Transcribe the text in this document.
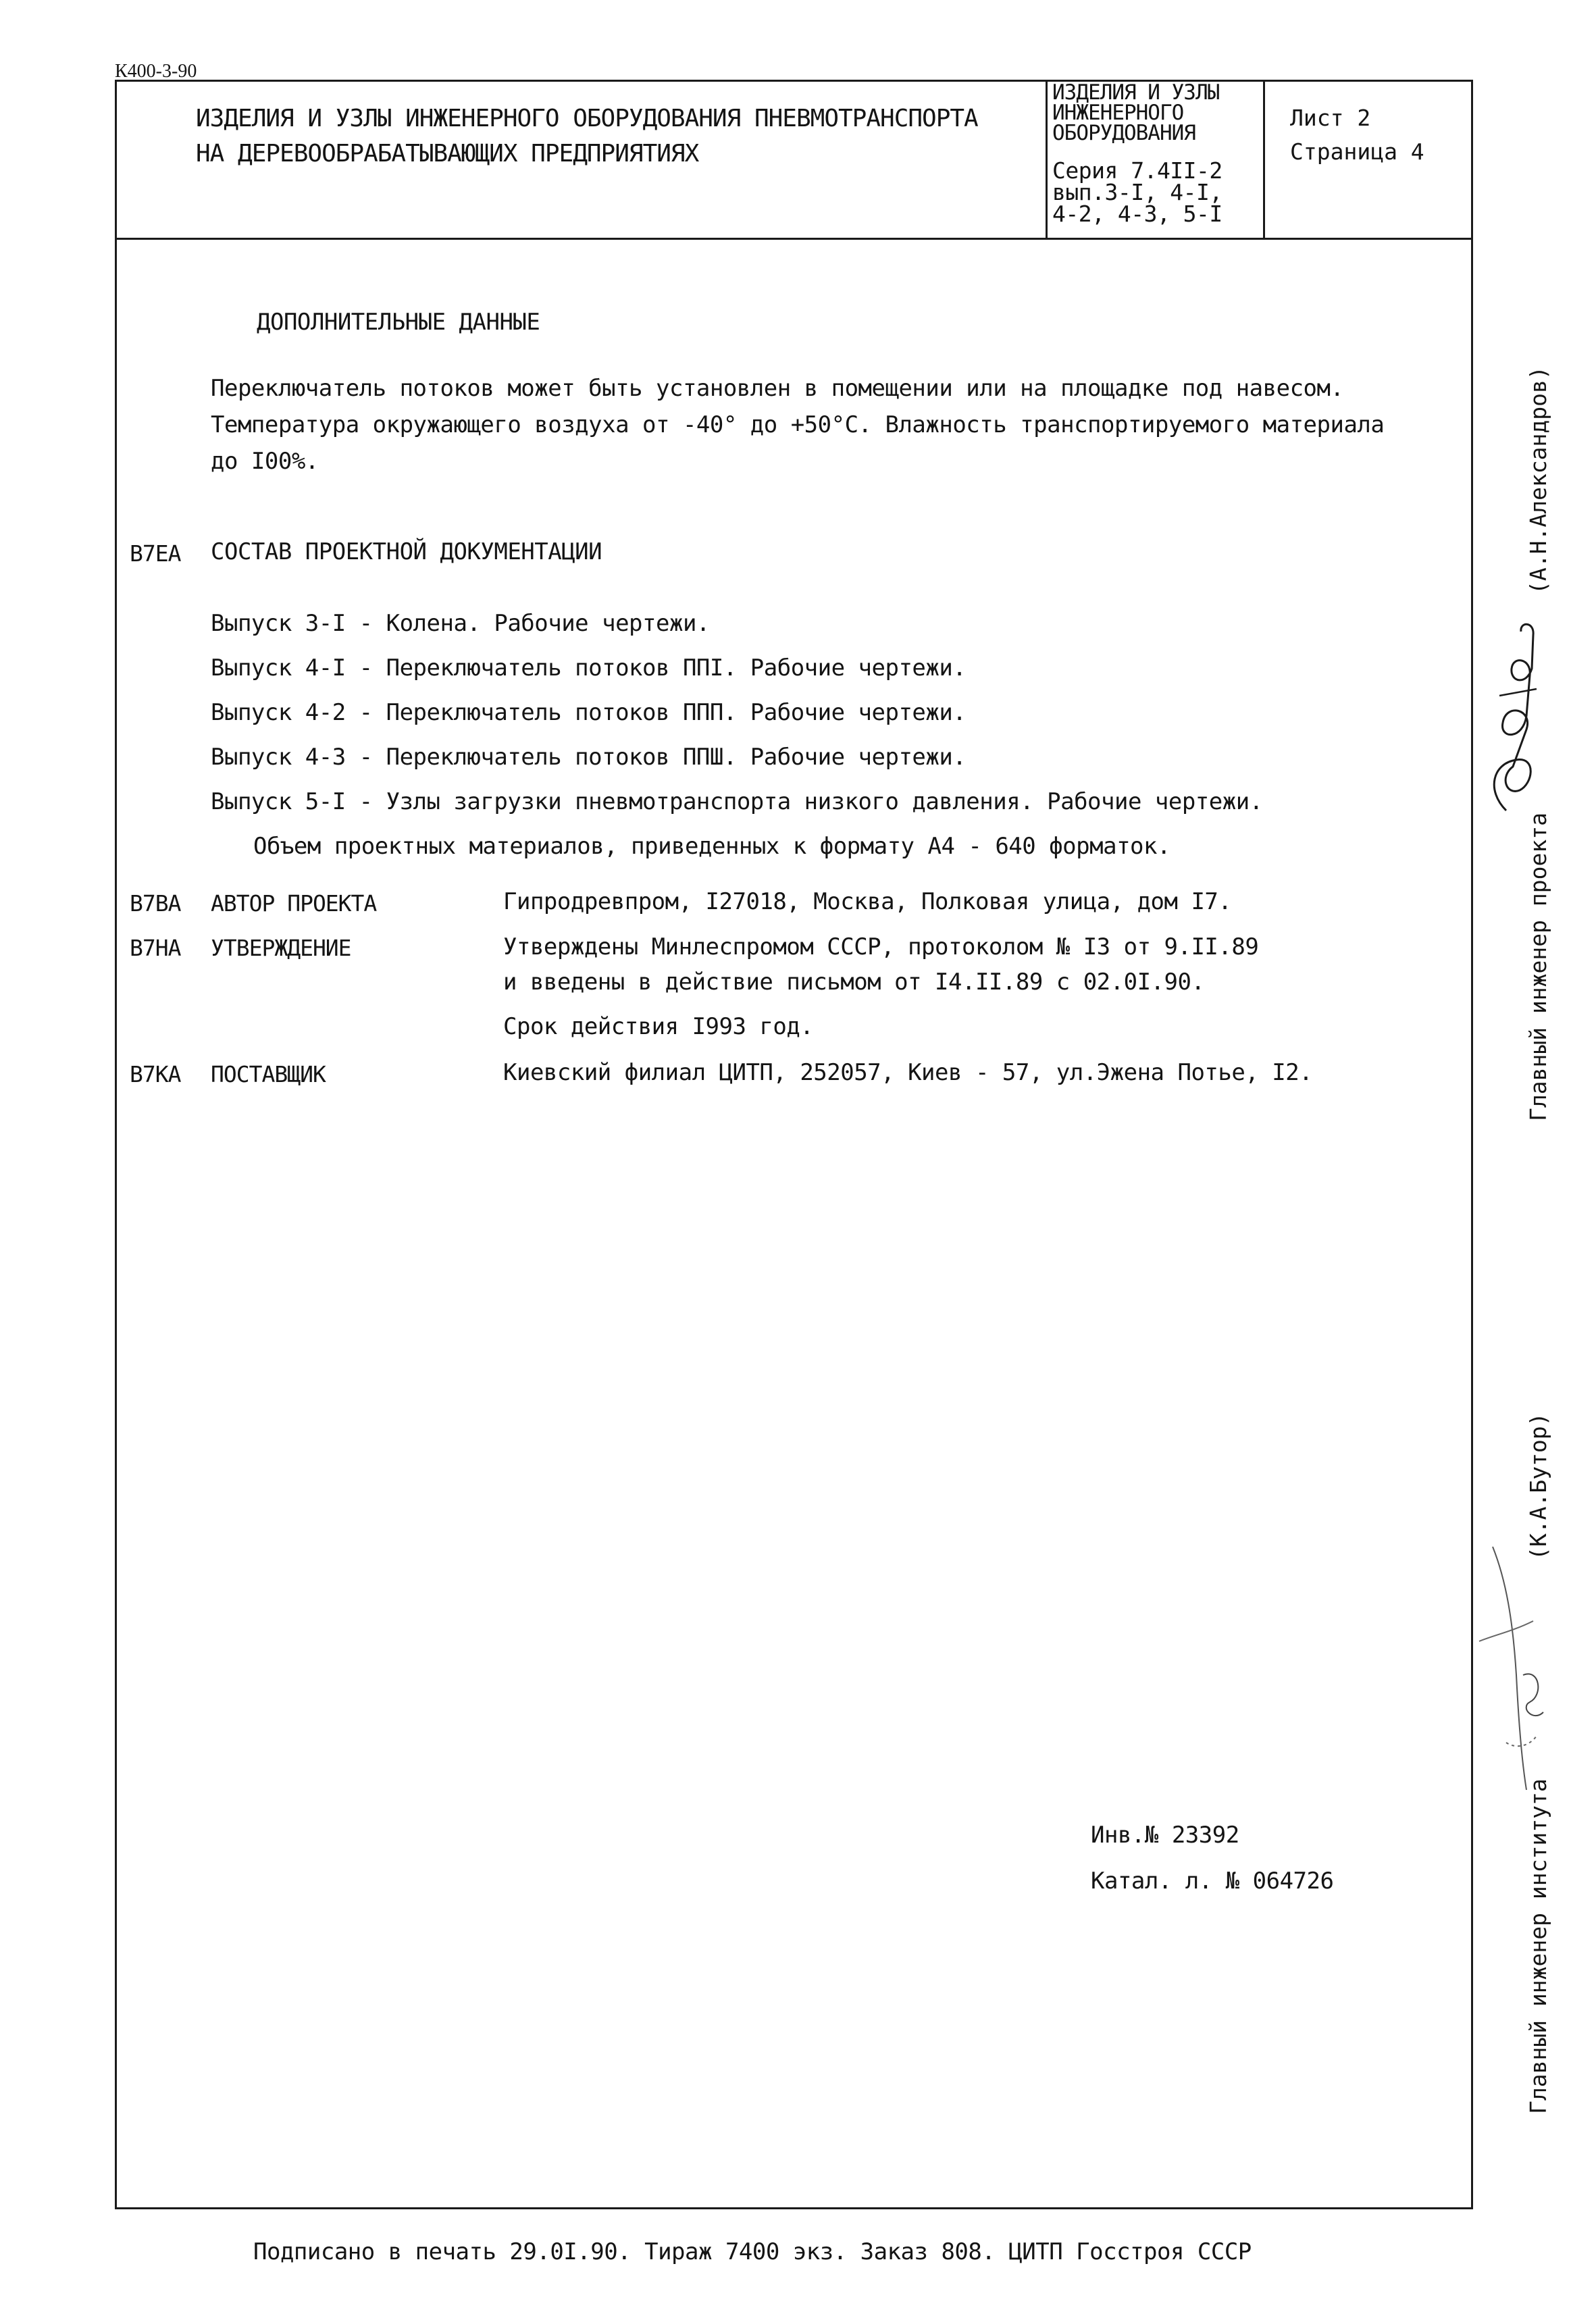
К400-3-90
ИЗДЕЛИЯ И УЗЛЫ ИНЖЕНЕРНОГО ОБОРУДОВАНИЯ ПНЕВМОТРАНСПОРТА
НА ДЕРЕВООБРАБАТЫВАЮЩИХ ПРЕДПРИЯТИЯХ
ИЗДЕЛИЯ И УЗЛЫ
ИНЖЕНЕРНОГО
ОБОРУДОВАНИЯ
Серия 7.4II-2
вып.3-I, 4-I,
4-2, 4-3, 5-I
Лист 2
Страница 4
ДОПОЛНИТЕЛЬНЫЕ ДАННЫЕ
Переключатель потоков может быть установлен в помещении или на площадке под навесом.
Температура окружающего воздуха от -40° до +50°С. Влажность транспортируемого материала
до I00%.
В7ЕА СОСТАВ ПРОЕКТНОЙ ДОКУМЕНТАЦИИ
Выпуск 3-I - Колена. Рабочие чертежи.
Выпуск 4-I - Переключатель потоков ППI. Рабочие чертежи.
Выпуск 4-2 - Переключатель потоков ППП. Рабочие чертежи.
Выпуск 4-3 - Переключатель потоков ППШ. Рабочие чертежи.
Выпуск 5-I - Узлы загрузки пневмотранспорта низкого давления. Рабочие чертежи.
Объем проектных материалов, приведенных к формату А4 - 640 форматок.
В7ВА АВТОР ПРОЕКТА	Гипродревпром, I27018, Москва, Полковая улица, дом I7.
В7НА УТВЕРЖДЕНИЕ	Утверждены Минлеспромом СССР, протоколом № I3 от 9.II.89
и введены в действие письмом от I4.II.89 с 02.0I.90.
Срок действия I993 год.
В7КА ПОСТАВЩИК	Киевский филиал ЦИТП, 252057, Киев - 57, ул.Эжена Потье, I2.
Инв.№ 23392
Катал. л. № 064726
Подписано в печать 29.0I.90. Тираж 7400 экз. Заказ 808. ЦИТП Госстроя СССР
Главный инженер проекта
(А.Н.Александров)
Главный инженер института
(К.А.Бутор)
